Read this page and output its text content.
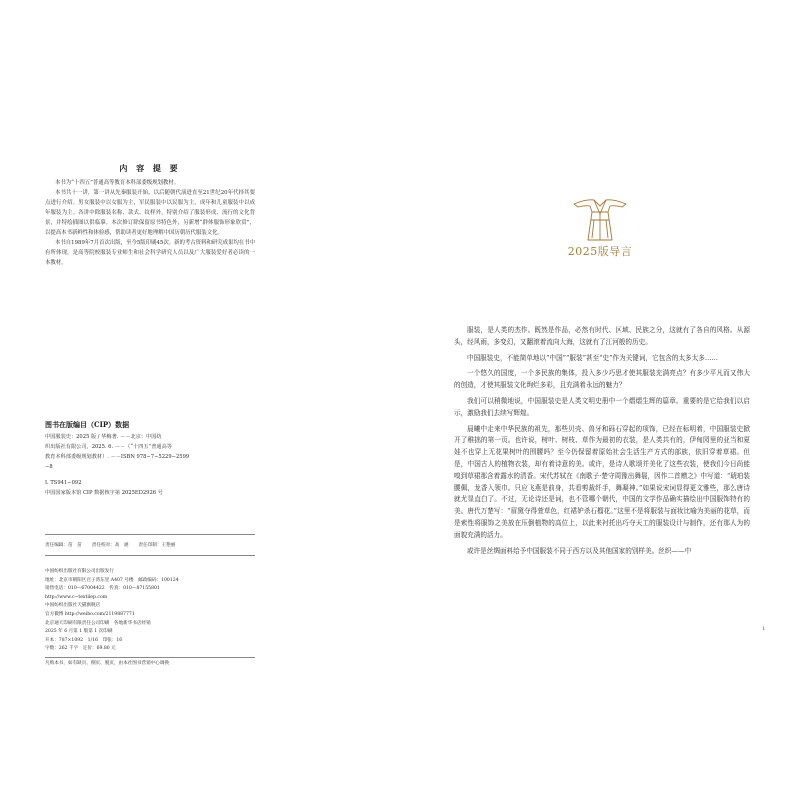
内 容 提 要

本书为“十四五”普通高等教育本科部委级规划教材。

本书共十一讲，第一讲从先秦服装开始，以后随朝代演进直至21世纪20年代择其要点进行介绍。男女服装中以女服为主，军民服装中以民服为主，成年和儿童服装中以成年服装为主。各讲中除服装名称、款式、纹样外，特别介绍了服装形成、流行的文化背景，并特绘插图以供临摹。本次修订除保留原书特色外，另新增“群体服饰形象欣赏”，以提高本书新鲜性和体验感，帮助读者更好地理解中国历朝历代服装文化。

本书自1989年7月首次出版，至今5版印刷45次。新的考古资料和研究成果均在书中有所体现，是高等院校服装专业师生和社会科学研究人员以及广大服装爱好者必读的一本教材。

图书在版编目（CIP）数据

中国服装史：2025 版 / 华梅著. －－北京：中国纺

织出版社有限公司，2025. 6. －－（“十四五”普通高等

教育本科部委级规划教材）. －－ISBN 978−7−5229−2599

−8

Ⅰ. TS941−092

中国国家版本馆 CIP 数据核字第 2025ED2926 号

责任编辑：苗　苗 责任校对：高　涵 责任印制：王艳丽

中国纺织出版社有限公司出版发行

地址：北京市朝阳区百子湾东里 A407 号楼　邮政编码：100124

销售电话：010—67004422　传真：010—87155801

http://www.c−textilep.com

中国纺织出版社天猫旗舰店

官方微博 http://weibo.com/2119887771

北京通天印刷有限责任公司印刷　各地新华书店经销

2025 年 6 月第 1 版第 1 次印刷

开本：787×1092　1/16　印张：16

字数：262 千字　定价：69.80 元

凡购本书，如有缺页、倒页、脱页，由本社图书营销中心调换
2025版导言

服装，是人类的杰作。既然是作品，必然有时代、区域、民族之分，这就有了各自的风格。从源头，经风雨，多变幻，又翻滚着流向大海，这就有了江河般的历史。

中国服装史，不能简单地以“中国”“服装”甚至“史”作为关键词，它包含的太多太多……

一个悠久的国度，一个多民族的集体，投入多少巧思才使其服装充满亮点？有多少平凡而又伟大的创造，才使其服装文化绚烂多彩，且充满着永远的魅力？

我们可以稍微地说，中国服装史是人类文明史册中一个熠熠生辉的篇章。重要的是它给我们以启示，激励我们去续写辉煌。

晨曦中走来中华民族的祖先，那些贝壳、兽牙和砾石穿起的项饰，已经在标明着，中国服装史掀开了稚拙的第一页。也许说，树叶、树枝、草作为最初的衣装，是人类共有的，伊甸园里的亚当和夏娃不也穿上无花果树叶的围腰吗？至今仍保留着原始社会生活生产方式的部族，依旧穿着草裙。但是，中国古人的植物衣装，却有着诗意的美。或许，是诗人歌颂并美化了这些衣装，使我们今日尚能嗅到草裙那含着露水的清香。宋代苏轼在《南歌子·楚守周豫出舞鬟，因作二首赠之》中写道：“琥珀装腰佩，龙香入领巾。只应飞燕是前身，共看剪裁纤手，舞凝神。”如果说宋词显得更文雅些，那么唐诗就尤显直白了。不过，无论诗还是词，也不管哪个朝代，中国的文学作品确实描绘出中国服饰特有的美。唐代万楚写：“眉黛夺得萱草色，红裙妒杀石榴花。”这里不是将服装与面妆比喻为美丽的花草，而是索性将服饰之美放在压倒植物的高位上，以此来衬托出巧夺天工的服装设计与制作，还有那人为的面貌充满的活力。

或许是丝绸面料给予中国服装不同于西方以及其他国家的别样美。丝织——中

1
